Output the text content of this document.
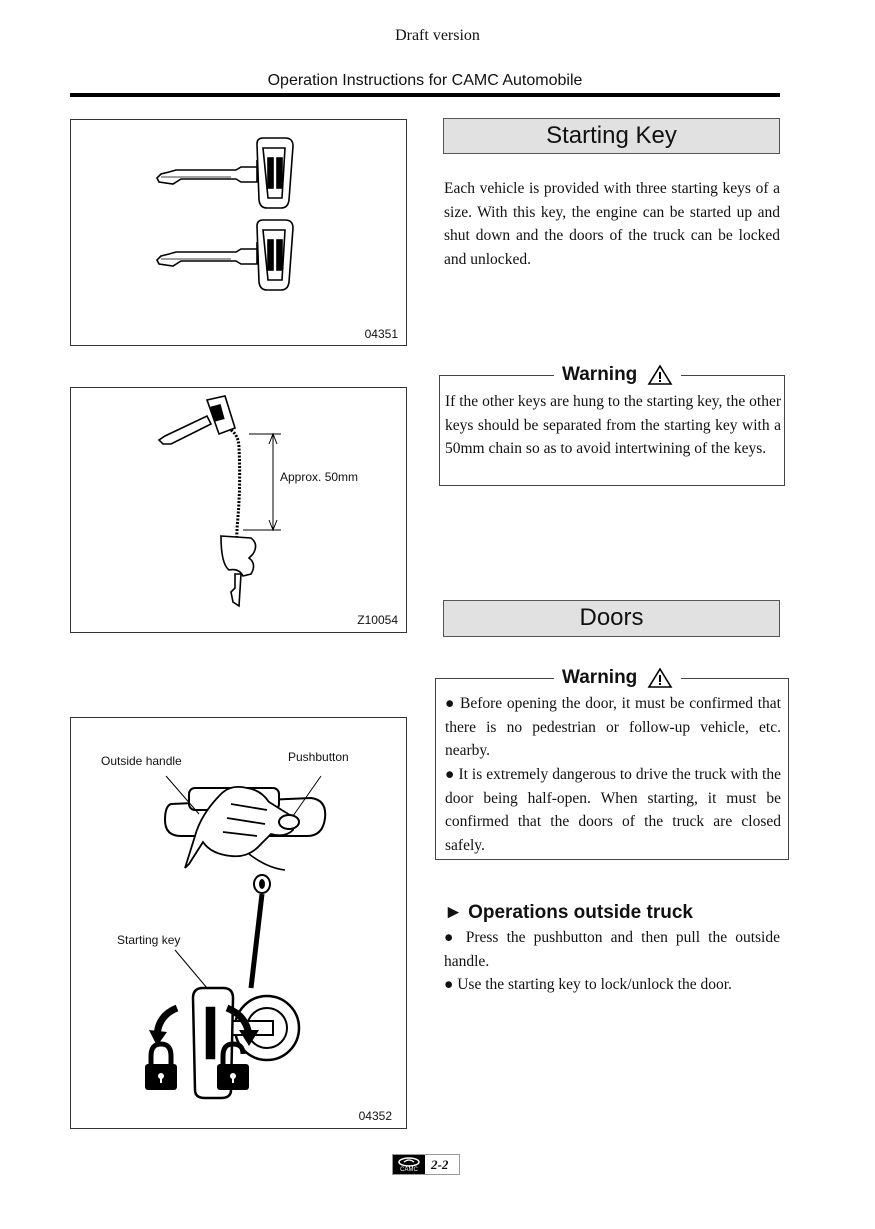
Draft version
Operation Instructions for CAMC Automobile
04351
Approx. 50mm
Z10054
Outside handle	Pushbutton
Starting key
04352
Starting Key
Each vehicle is provided with three starting keys of a size. With this key, the engine can be started up and shut down and the doors of the truck can be locked and unlocked.
Warning
If the other keys are hung to the starting key, the other keys should be separated from the starting key with a 50mm chain so as to avoid intertwining of the keys.
Doors
Warning
● Before opening the door, it must be confirmed that there is no pedestrian or follow-up vehicle, etc. nearby.
● It is extremely dangerous to drive the truck with the door being half-open. When starting, it must be confirmed that the doors of the truck are closed safely.
► Operations outside truck
● Press the pushbutton and then pull the outside handle.
● Use the starting key to lock/unlock the door.
CAMC 2-2
